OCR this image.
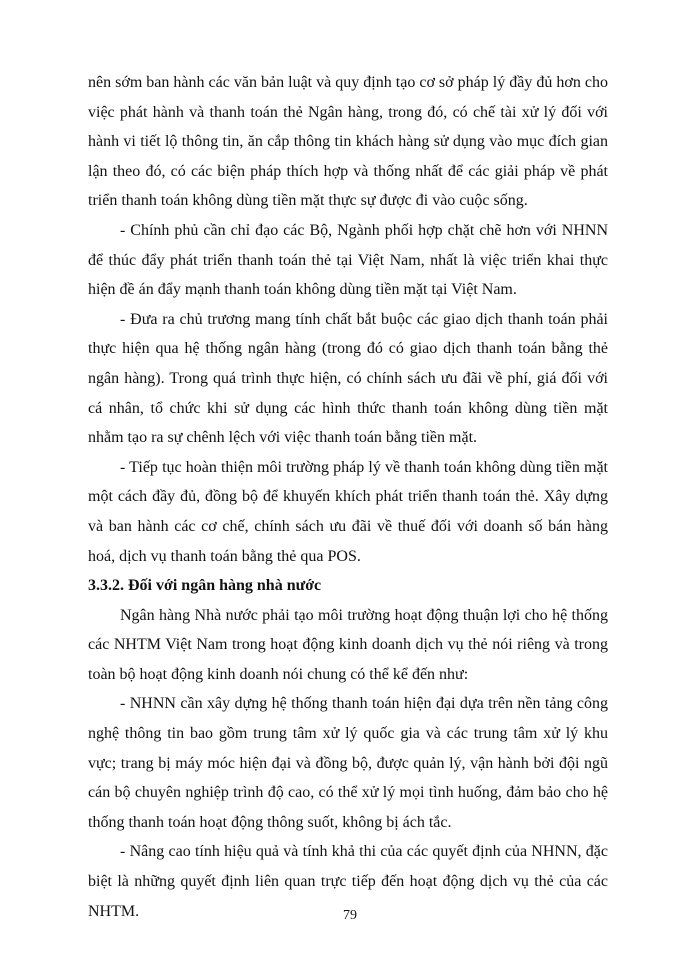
nên sớm ban hành các văn bản luật và quy định tạo cơ sở pháp lý đầy đủ hơn cho việc phát hành và thanh toán thẻ Ngân hàng, trong đó, có chế tài xử lý đối với hành vi tiết lộ thông tin, ăn cắp thông tin khách hàng sử dụng vào mục đích gian lận theo đó, có các biện pháp thích hợp và thống nhất để các giải pháp về phát triển thanh toán không dùng tiền mặt thực sự được đi vào cuộc sống.

- Chính phủ cần chỉ đạo các Bộ, Ngành phối hợp chặt chẽ hơn với NHNN để thúc đẩy phát triển thanh toán thẻ tại Việt Nam, nhất là việc triển khai thực hiện đề án đẩy mạnh thanh toán không dùng tiền mặt tại Việt Nam.

- Đưa ra chủ trương mang tính chất bắt buộc các giao dịch thanh toán phải thực hiện qua hệ thống ngân hàng (trong đó có giao dịch thanh toán bằng thẻ ngân hàng). Trong quá trình thực hiện, có chính sách ưu đãi về phí, giá đối với cá nhân, tổ chức khi sử dụng các hình thức thanh toán không dùng tiền mặt nhằm tạo ra sự chênh lệch với việc thanh toán bằng tiền mặt.

- Tiếp tục hoàn thiện môi trường pháp lý về thanh toán không dùng tiền mặt một cách đầy đủ, đồng bộ để khuyến khích phát triển thanh toán thẻ. Xây dựng và ban hành các cơ chế, chính sách ưu đãi về thuế đối với doanh số bán hàng hoá, dịch vụ thanh toán bằng thẻ qua POS.

3.3.2. Đối với ngân hàng nhà nước

Ngân hàng Nhà nước phải tạo môi trường hoạt động thuận lợi cho hệ thống các NHTM Việt Nam trong hoạt động kinh doanh dịch vụ thẻ nói riêng và trong toàn bộ hoạt động kinh doanh nói chung có thể kể đến như:

- NHNN cần xây dựng hệ thống thanh toán hiện đại dựa trên nền tảng công nghệ thông tin bao gồm trung tâm xử lý quốc gia và các trung tâm xử lý khu vực; trang bị máy móc hiện đại và đồng bộ, được quản lý, vận hành bởi đội ngũ cán bộ chuyên nghiệp trình độ cao, có thể xử lý mọi tình huống, đảm bảo cho hệ thống thanh toán hoạt động thông suốt, không bị ách tắc.

- Nâng cao tính hiệu quả và tính khả thi của các quyết định của NHNN, đặc biệt là những quyết định liên quan trực tiếp đến hoạt động dịch vụ thẻ của các NHTM.	79
